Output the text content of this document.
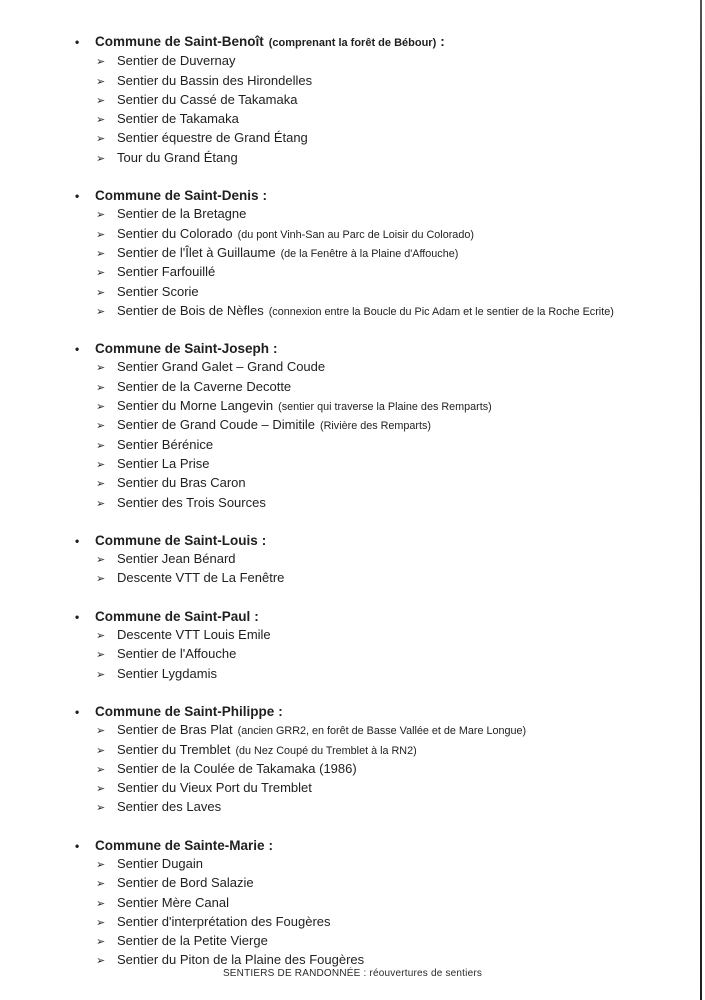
•	Commune de Saint-Benoît (comprenant la forêt de Bébour) :
➢ Sentier de Duvernay
➢ Sentier du Bassin des Hirondelles
➢ Sentier du Cassé de Takamaka
➢ Sentier de Takamaka
➢ Sentier équestre de Grand Étang
➢ Tour du Grand Étang
•	Commune de Saint-Denis :
➢ Sentier de la Bretagne
➢ Sentier du Colorado (du pont Vinh-San au Parc de Loisir du Colorado)
➢ Sentier de l'Îlet à Guillaume (de la Fenêtre à la Plaine d'Affouche)
➢ Sentier Farfouillé
➢ Sentier Scorie
➢ Sentier de Bois de Nèfles (connexion entre la Boucle du Pic Adam et le sentier de la Roche Ecrite)
•	Commune de Saint-Joseph :
➢ Sentier Grand Galet – Grand Coude
➢ Sentier de la Caverne Decotte
➢ Sentier du Morne Langevin (sentier qui traverse la Plaine des Remparts)
➢ Sentier de Grand Coude – Dimitile (Rivière des Remparts)
➢ Sentier Bérénice
➢ Sentier La Prise
➢ Sentier du Bras Caron
➢ Sentier des Trois Sources
•	Commune de Saint-Louis :
➢ Sentier Jean Bénard
➢ Descente VTT de La Fenêtre
•	Commune de Saint-Paul :
➢ Descente VTT Louis Emile
➢ Sentier de l'Affouche
➢ Sentier Lygdamis
•	Commune de Saint-Philippe :
➢ Sentier de Bras Plat (ancien GRR2, en forêt de Basse Vallée et de Mare Longue)
➢ Sentier du Tremblet (du Nez Coupé du Tremblet à la RN2)
➢ Sentier de la Coulée de Takamaka (1986)
➢ Sentier du Vieux Port du Tremblet
➢ Sentier des Laves
•	Commune de Sainte-Marie :
➢ Sentier Dugain
➢ Sentier de Bord Salazie
➢ Sentier Mère Canal
➢ Sentier d'interprétation des Fougères
➢ Sentier de la Petite Vierge
➢ Sentier du Piton de la Plaine des Fougères
SENTIERS DE RANDONNÉE : réouvertures de sentiers
